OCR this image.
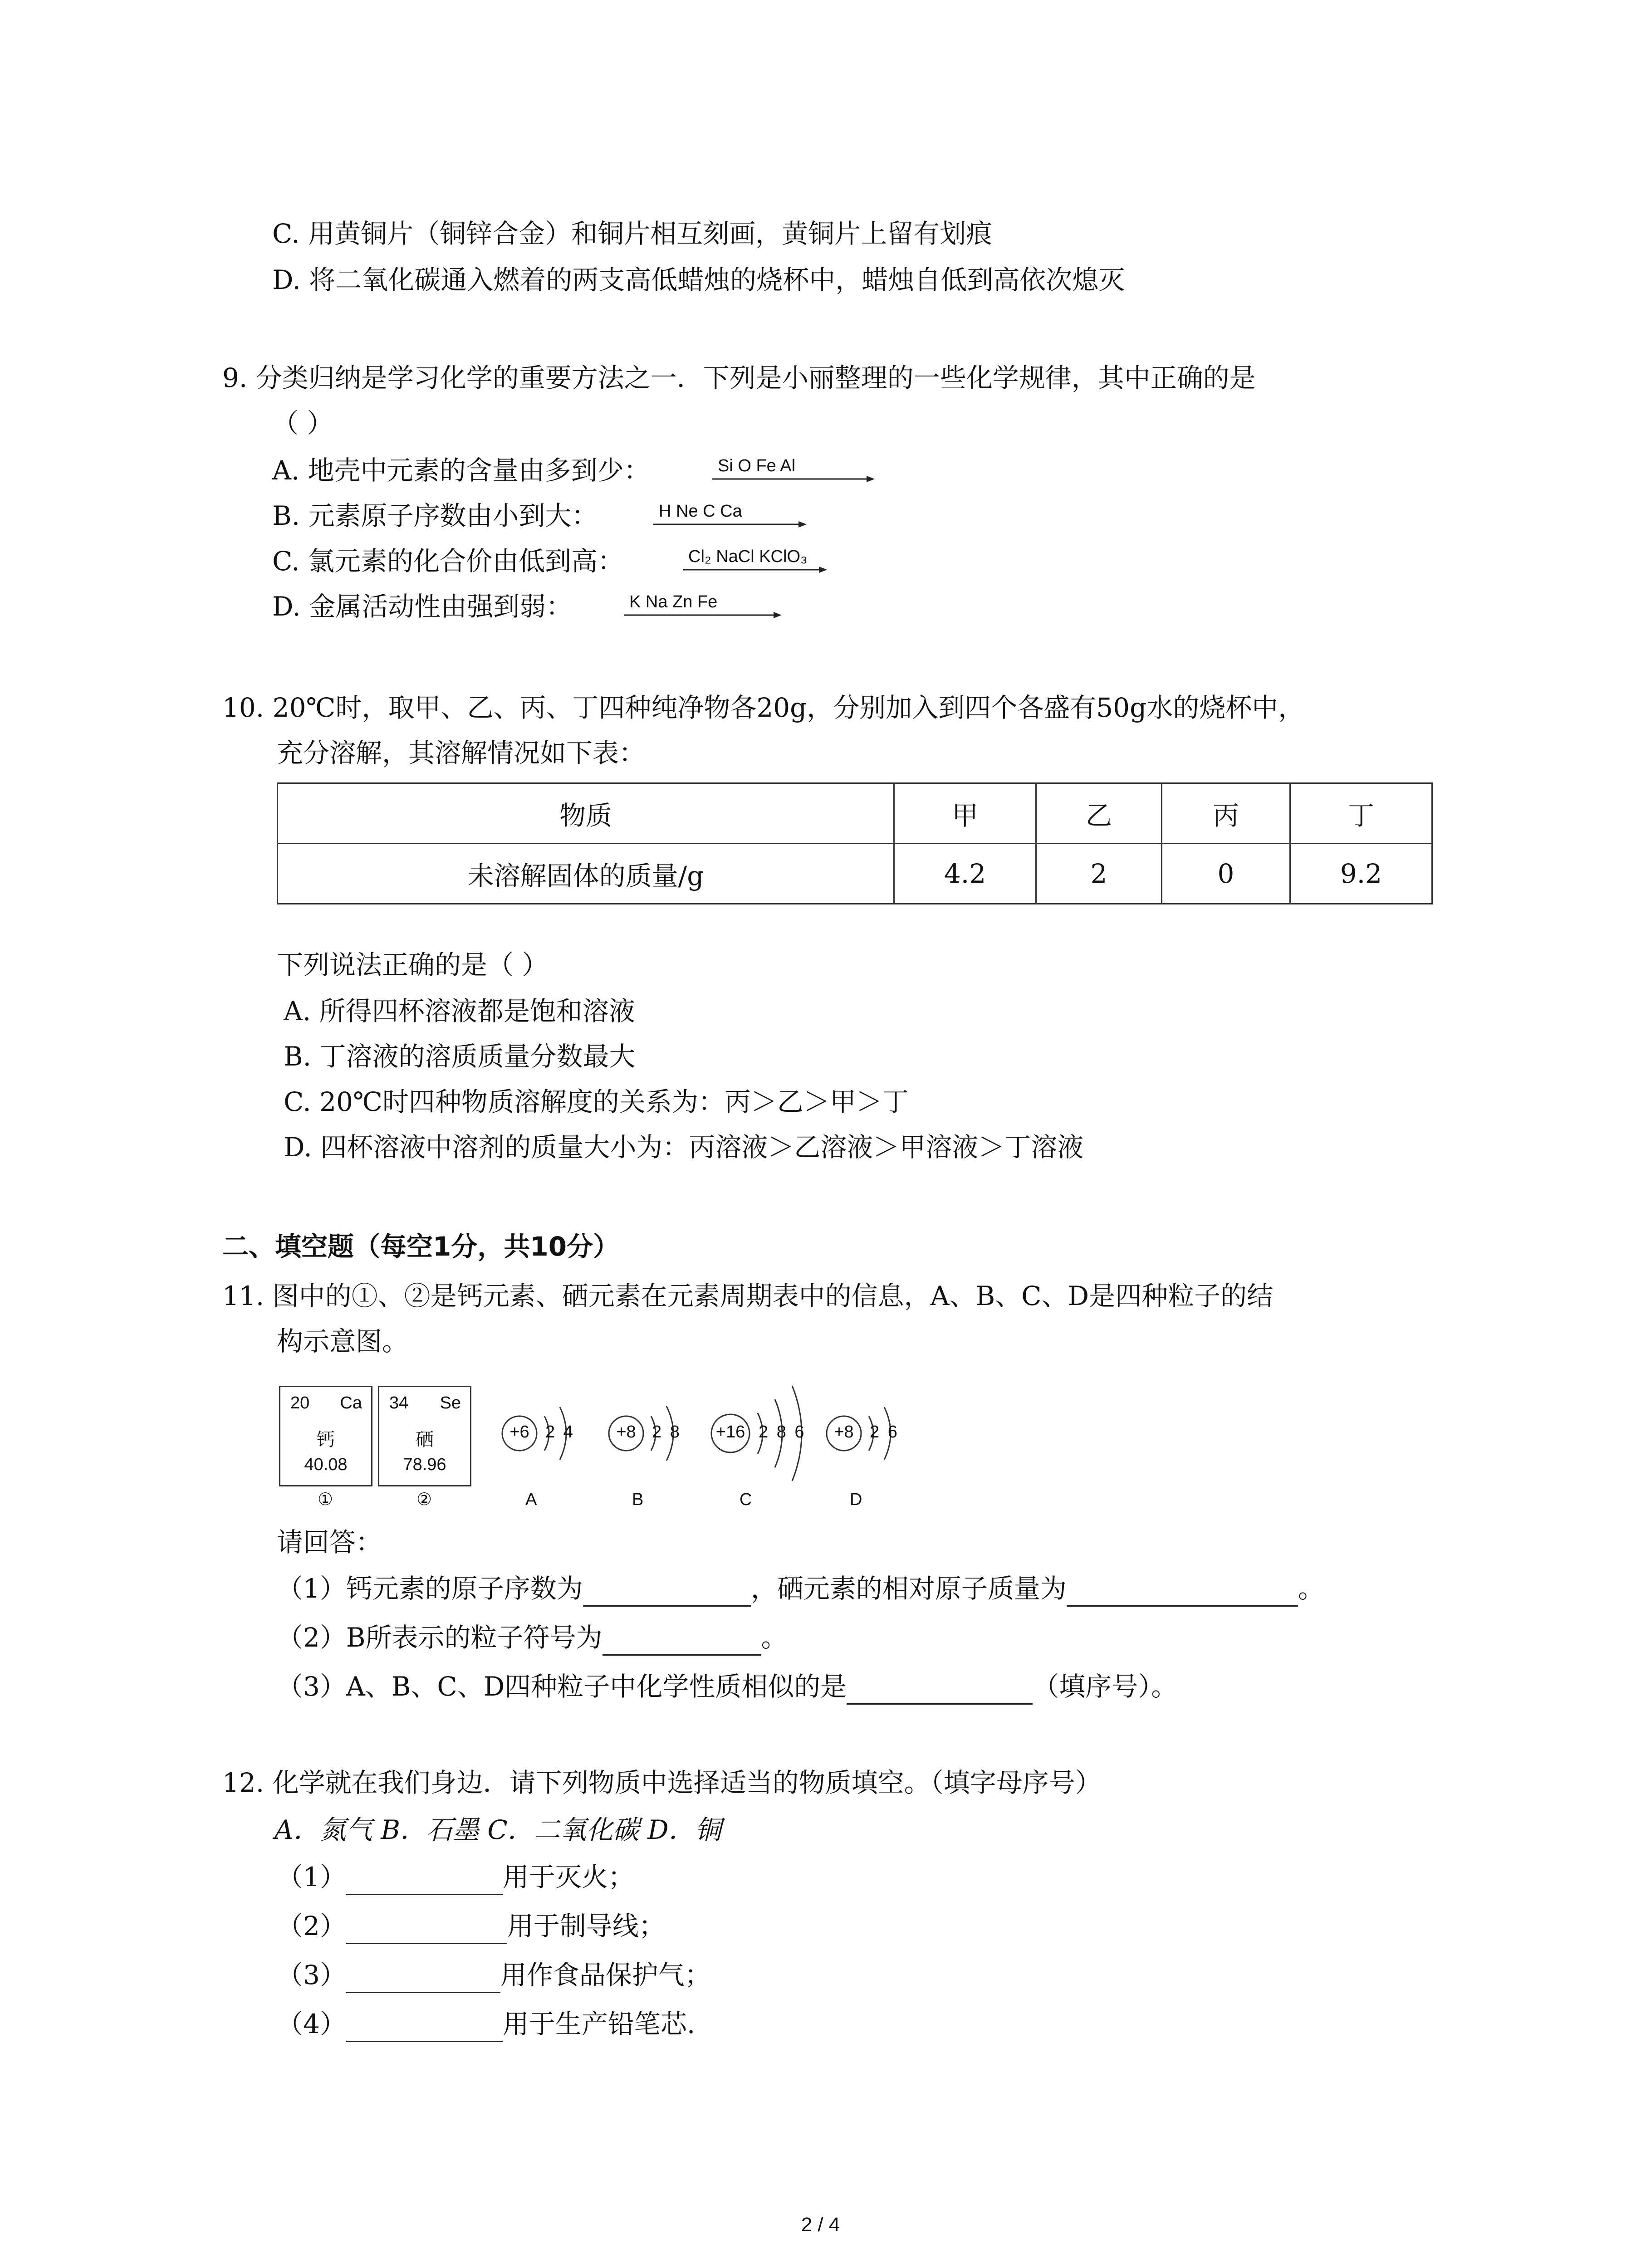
C. 用黄铜片（铜锌合金）和铜片相互刻画，黄铜片上留有划痕
D. 将二氧化碳通入燃着的两支高低蜡烛的烧杯中，蜡烛自低到高依次熄灭
9. 分类归纳是学习化学的重要方法之一．下列是小丽整理的一些化学规律，其中正确的是
（ ）
A. 地壳中元素的含量由多到少：	Si O Fe Al
B. 元素原子序数由小到大：	H Ne C Ca
C. 氯元素的化合价由低到高：	Cl₂ NaCl KClO₃
D. 金属活动性由强到弱：	K Na Zn Fe
10. 20℃时，取甲、乙、丙、丁四种纯净物各20g，分别加入到四个各盛有50g水的烧杯中，
充分溶解，其溶解情况如下表：
物质	甲	乙	丙	丁
未溶解固体的质量/g	4.2	2	0	9.2
下列说法正确的是（ ）
A. 所得四杯溶液都是饱和溶液
B. 丁溶液的溶质质量分数最大
C. 20℃时四种物质溶解度的关系为：丙＞乙＞甲＞丁
D. 四杯溶液中溶剂的质量大小为：丙溶液＞乙溶液＞甲溶液＞丁溶液
二、填空题（每空1分，共10分）
11. 图中的①、②是钙元素、硒元素在元素周期表中的信息，A、B、C、D是四种粒子的结
构示意图。
20 Ca
钙
40.08
①
34 Se
硒
78.96
②
+6 2 4
A
+8 2 8
B
+16 2 8 6
C
+8 2 6
D
请回答：
（1）钙元素的原子序数为	，硒元素的相对原子质量为	。
（2）B所表示的粒子符号为	。
（3）A、B、C、D四种粒子中化学性质相似的是	（填序号）。
12. 化学就在我们身边．请下列物质中选择适当的物质填空。（填字母序号）
A．氮气 B．石墨 C．二氧化碳 D．铜
（1）	用于灭火；
（2）	用于制导线；
（3）	用作食品保护气；
（4）	用于生产铅笔芯.
2 / 4
